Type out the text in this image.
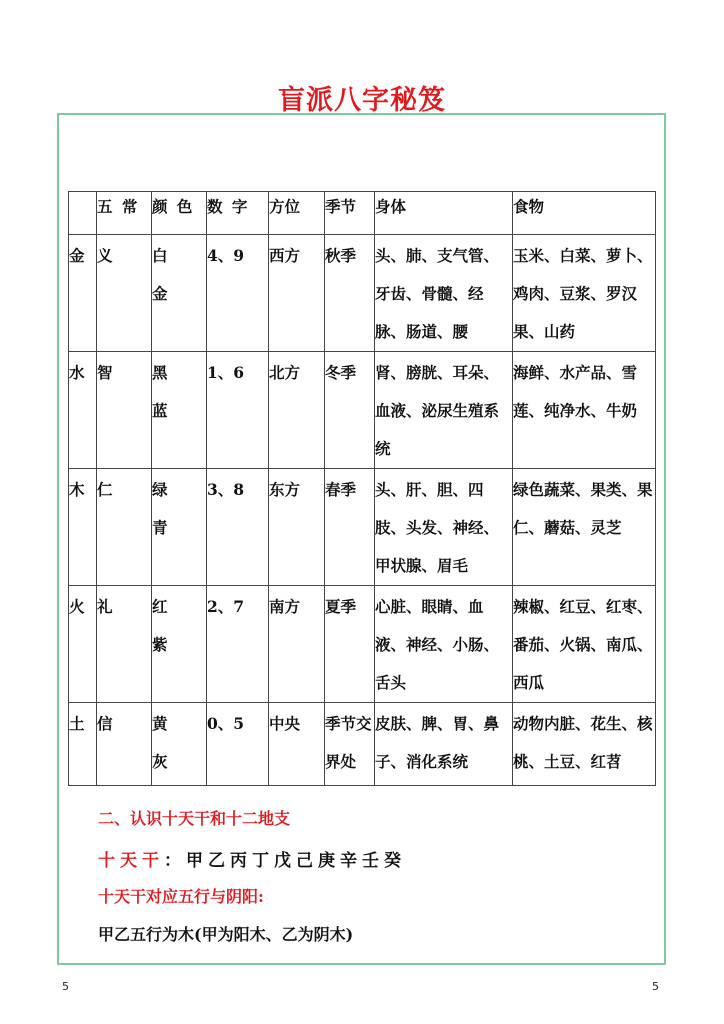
盲派八字秘笈
	五 常	颜 色	数 字	方位	季节	身体	食物
金	义	白金	4、9	西方	秋季	头、肺、支气管、牙齿、骨髓、经脉、肠道、腰	玉米、白菜、萝卜、鸡肉、豆浆、罗汉果、山药
水	智	黑蓝	1、6	北方	冬季	肾、膀胱、耳朵、血液、泌尿生殖系统	海鲜、水产品、雪莲、纯净水、牛奶
木	仁	绿青	3、8	东方	春季	头、肝、胆、四肢、头发、神经、甲状腺、眉毛	绿色蔬菜、果类、果仁、蘑菇、灵芝
火	礼	红紫	2、7	南方	夏季	心脏、眼睛、血液、神经、小肠、舌头	辣椒、红豆、红枣、番茄、火锅、南瓜、西瓜
土	信	黄灰	0、5	中央	季节交界处	皮肤、脾、胃、鼻子、消化系统	动物内脏、花生、核桃、土豆、红苕
二、认识十天干和十二地支
十天干：甲乙丙丁戊己庚辛壬癸
十天干对应五行与阴阳:
甲乙五行为木(甲为阳木、乙为阴木)
5	5
